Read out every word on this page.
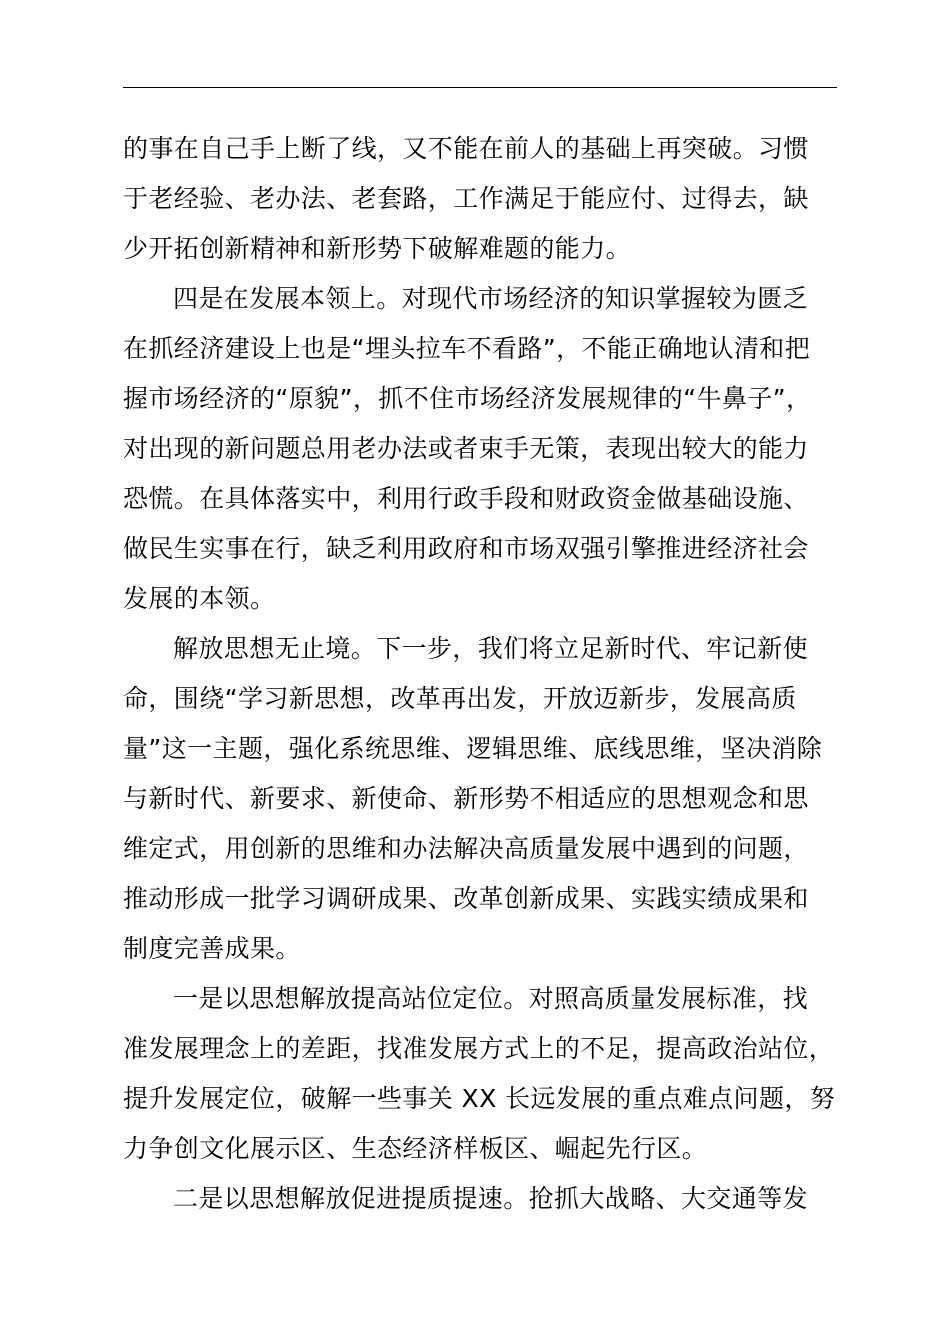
的事在自己手上断了线，又不能在前人的基础上再突破。习惯
于老经验、老办法、老套路，工作满足于能应付、过得去，缺
少开拓创新精神和新形势下破解难题的能力。
四是在发展本领上。对现代市场经济的知识掌握较为匮乏
在抓经济建设上也是“埋头拉车不看路”，不能正确地认清和把
握市场经济的“原貌”，抓不住市场经济发展规律的“牛鼻子”，
对出现的新问题总用老办法或者束手无策，表现出较大的能力
恐慌。在具体落实中，利用行政手段和财政资金做基础设施、
做民生实事在行，缺乏利用政府和市场双强引擎推进经济社会
发展的本领。
解放思想无止境。下一步，我们将立足新时代、牢记新使
命，围绕“学习新思想，改革再出发，开放迈新步，发展高质
量”这一主题，强化系统思维、逻辑思维、底线思维，坚决消除
与新时代、新要求、新使命、新形势不相适应的思想观念和思
维定式，用创新的思维和办法解决高质量发展中遇到的问题，
推动形成一批学习调研成果、改革创新成果、实践实绩成果和
制度完善成果。
一是以思想解放提高站位定位。对照高质量发展标准，找
准发展理念上的差距，找准发展方式上的不足，提高政治站位，
提升发展定位，破解一些事关 XX 长远发展的重点难点问题，努
力争创文化展示区、生态经济样板区、崛起先行区。
二是以思想解放促进提质提速。抢抓大战略、大交通等发
